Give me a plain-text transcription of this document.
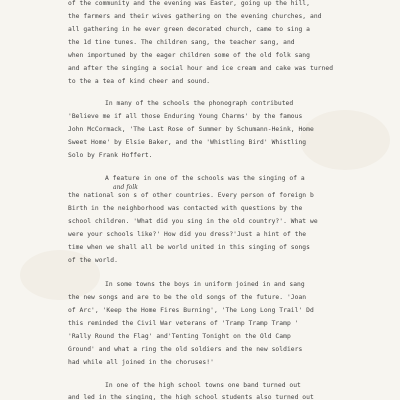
of the community and the evening was Easter, going up the hill,
the farmers and their wives gathering on the evening churches, and
all gathering in he ever green decorated church, came to sing a
the 1d tine tunes. The children sang, the teacher sang, and
when importuned by the eager children some of the old folk sang
and after the singing a social hour and ice cream and cake was turned
to the a tea of kind cheer and sound.
In many of the schools the phonograph contributed
'Believe me if all those Enduring Young Charms' by the famous
John McCormack, 'The Last Rose of Summer by Schumann-Heink, Home
Sweet Home' by Elsie Baker, and the 'Whistling Bird' Whistling
Solo by Frank Hoffert.
A feature in one of the schools was the singing of a
and folk
the national son s of other countries. Every person of foreign b
Birth in the neighborhood was contacted with questions by the
school children. 'What did you sing in the old country?'. What we
were your schools like?' How did you dress?'Just a hint of the
time when we shall all be world united in this singing of songs
of the world.
In some towns the boys in uniform joined in and sang
the new songs and are to be the old songs of the future. 'Joan
of Arc', 'Keep the Home Fires Burning', 'The Long Long Trail' Dd
this reminded the Civil War veterans of 'Tramp Tramp Tramp '
'Rally Round the Flag' and'Tenting Tonight on the Old Camp
Ground' and what a ring the old soldiers and the new soldiers
had while all joined in the choruses!'
In one of the high school towns one band turned out
and led in the singing, the high school students also turned out
